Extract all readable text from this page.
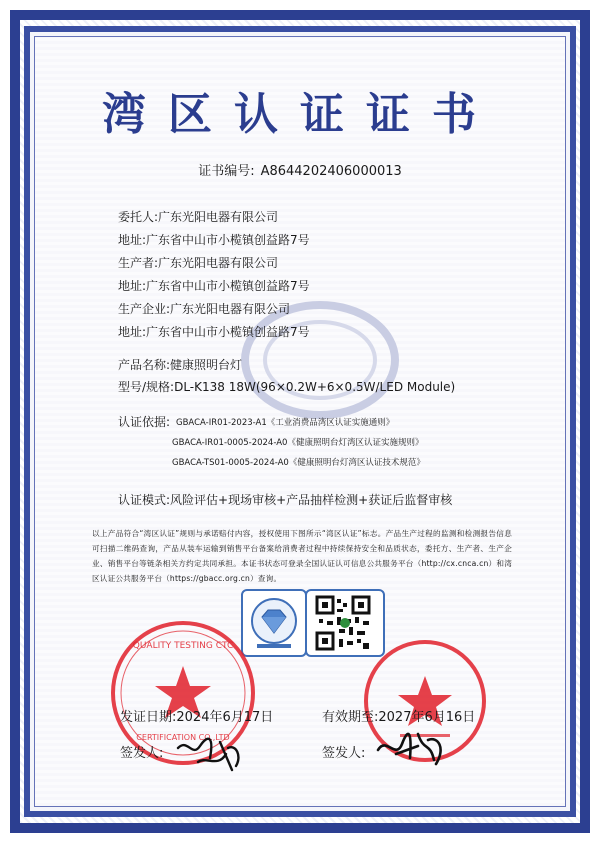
湾区认证证书
证书编号: A8644202406000013
委托人:广东光阳电器有限公司
地址:广东省中山市小榄镇创益路7号
生产者:广东光阳电器有限公司
地址:广东省中山市小榄镇创益路7号
生产企业:广东光阳电器有限公司
地址:广东省中山市小榄镇创益路7号
产品名称:健康照明台灯
型号/规格:DL-K138 18W(96×0.2W+6×0.5W/LED Module)
认证依据: GBACA-IR01-2023-A1《工业消费品湾区认证实施通则》
GBACA-IR01-0005-2024-A0《健康照明台灯湾区认证实施规则》
GBACA-TS01-0005-2024-A0《健康照明台灯湾区认证技术规范》
认证模式:风险评估+现场审核+产品抽样检测+获证后监督审核
以上产品符合“湾区认证”规则与承诺赔付内容，授权使用下图所示“湾区认证”标志。产品生产过程的监测和检测报告信息可扫描二维码查询，产品从装车运输到销售平台备案给消费者过程中持续保持安全和品质状态，委托方、生产者、生产企业、销售平台等链条相关方约定共同承担。本证书状态可登录全国认证认可信息公共服务平台（http://cx.cnca.cn）和湾区认证公共服务平台（https://gbacc.org.cn）查询。
QUALITY TESTING CTC
CERTIFICATION CO.,LTD
发证日期:2024年6月17日	有效期至:2027年6月16日
签发人:	签发人:
